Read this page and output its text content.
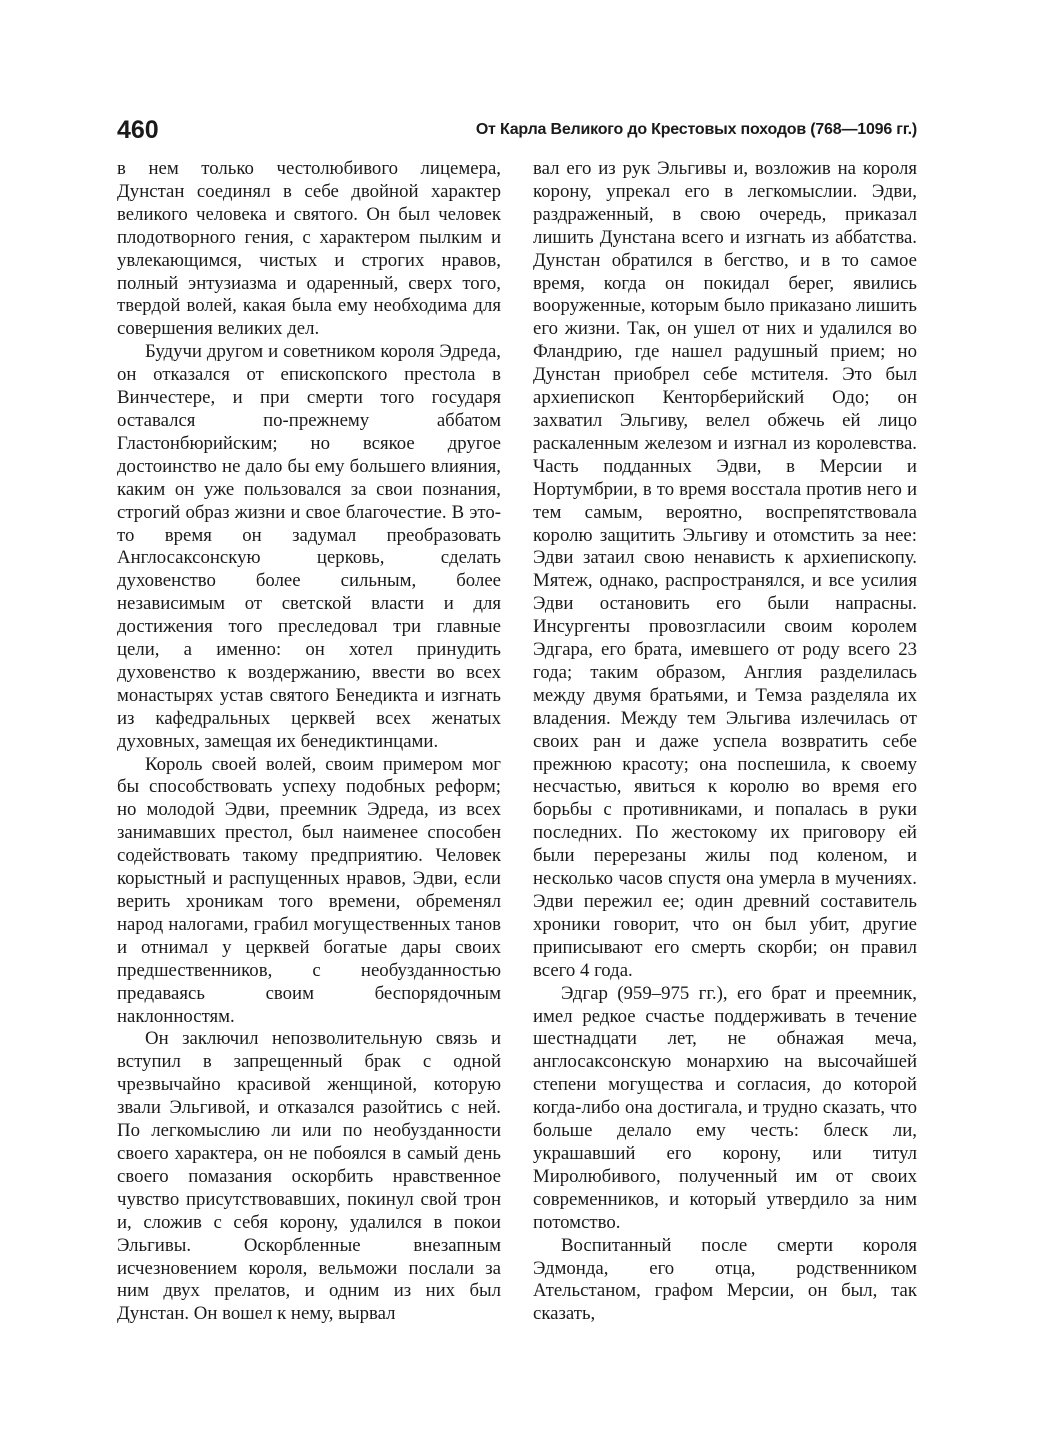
460	От Карла Великого до Крестовых походов (768—1096 гг.)

в нем только честолюбивого лицемера, Дунстан соединял в себе двойной характер великого человека и святого. Он был человек плодотворного гения, с характером пылким и увлекающимся, чистых и строгих нравов, полный энтузиазма и одаренный, сверх того, твердой волей, какая была ему необходима для совершения великих дел.

Будучи другом и советником короля Эдреда, он отказался от епископского престола в Винчестере, и при смерти того государя оставался по-прежнему аббатом Гластонбюрийским; но всякое другое достоинство не дало бы ему большего влияния, каким он уже пользовался за свои познания, строгий образ жизни и свое благочестие. В это-то время он задумал преобразовать Англосаксонскую церковь, сделать духовенство более сильным, более независимым от светской власти и для достижения того преследовал три главные цели, а именно: он хотел принудить духовенство к воздержанию, ввести во всех монастырях устав святого Бенедикта и изгнать из кафедральных церквей всех женатых духовных, замещая их бенедиктинцами.

Король своей волей, своим примером мог бы способствовать успеху подобных реформ; но молодой Эдви, преемник Эдреда, из всех занимавших престол, был наименее способен содействовать такому предприятию. Человек корыстный и распущенных нравов, Эдви, если верить хроникам того времени, обременял народ налогами, грабил могущественных танов и отнимал у церквей богатые дары своих предшественников, с необузданностью предаваясь своим беспорядочным наклонностям.

Он заключил непозволительную связь и вступил в запрещенный брак с одной чрезвычайно красивой женщиной, которую звали Эльгивой, и отказался разойтись с ней. По легкомыслию ли или по необузданности своего характера, он не побоялся в самый день своего помазания оскорбить нравственное чувство присутствовавших, покинул свой трон и, сложив с себя корону, удалился в покои Эльгивы. Оскорбленные внезапным исчезновением короля, вельможи послали за ним двух прелатов, и одним из них был Дунстан. Он вошел к нему, вырвал

вал его из рук Эльгивы и, возложив на короля корону, упрекал его в легкомыслии. Эдви, раздраженный, в свою очередь, приказал лишить Дунстана всего и изгнать из аббатства. Дунстан обратился в бегство, и в то самое время, когда он покидал берег, явились вооруженные, которым было приказано лишить его жизни. Так, он ушел от них и удалился во Фландрию, где нашел радушный прием; но Дунстан приобрел себе мстителя. Это был архиепископ Кенторберийский Одо; он захватил Эльгиву, велел обжечь ей лицо раскаленным железом и изгнал из королевства. Часть подданных Эдви, в Мерсии и Нортумбрии, в то время восстала против него и тем самым, вероятно, воспрепятствовала королю защитить Эльгиву и отомстить за нее: Эдви затаил свою ненависть к архиепископу. Мятеж, однако, распространялся, и все усилия Эдви остановить его были напрасны. Инсургенты провозгласили своим королем Эдгара, его брата, имевшего от роду всего 23 года; таким образом, Англия разделилась между двумя братьями, и Темза разделяла их владения. Между тем Эльгива излечилась от своих ран и даже успела возвратить себе прежнюю красоту; она поспешила, к своему несчастью, явиться к королю во время его борьбы с противниками, и попалась в руки последних. По жестокому их приговору ей были перерезаны жилы под коленом, и несколько часов спустя она умерла в мучениях. Эдви пережил ее; один древний составитель хроники говорит, что он был убит, другие приписывают его смерть скорби; он правил всего 4 года.

Эдгар (959–975 гг.), его брат и преемник, имел редкое счастье поддерживать в течение шестнадцати лет, не обнажая меча, англосаксонскую монархию на высочайшей степени могущества и согласия, до которой когда-либо она достигала, и трудно сказать, что больше делало ему честь: блеск ли, украшавший его корону, или титул Миролюбивого, полученный им от своих современников, и который утвердило за ним потомство.

Воспитанный после смерти короля Эдмонда, его отца, родственником Ательстаном, графом Мерсии, он был, так сказать,
